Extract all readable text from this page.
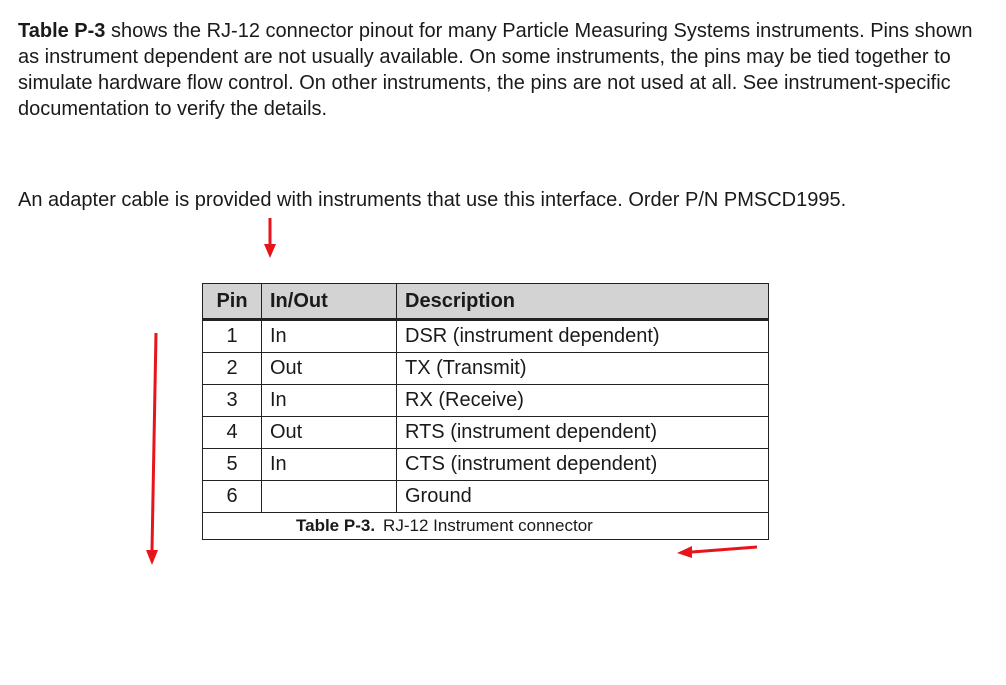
Table P-3 shows the RJ-12 connector pinout for many Particle Measuring Systems instruments. Pins shown as instrument dependent are not usually available. On some instruments, the pins may be tied together to simulate hardware flow control. On other instruments, the pins are not used at all. See instrument-specific documentation to verify the details.

An adapter cable is provided with instruments that use this interface. Order P/N PMSCD1995.

Pin	In/Out	Description
1	In	DSR (instrument dependent)
2	Out	TX (Transmit)
3	In	RX (Receive)
4	Out	RTS (instrument dependent)
5	In	CTS (instrument dependent)
6		Ground
Table P-3. RJ-12 Instrument connector		
